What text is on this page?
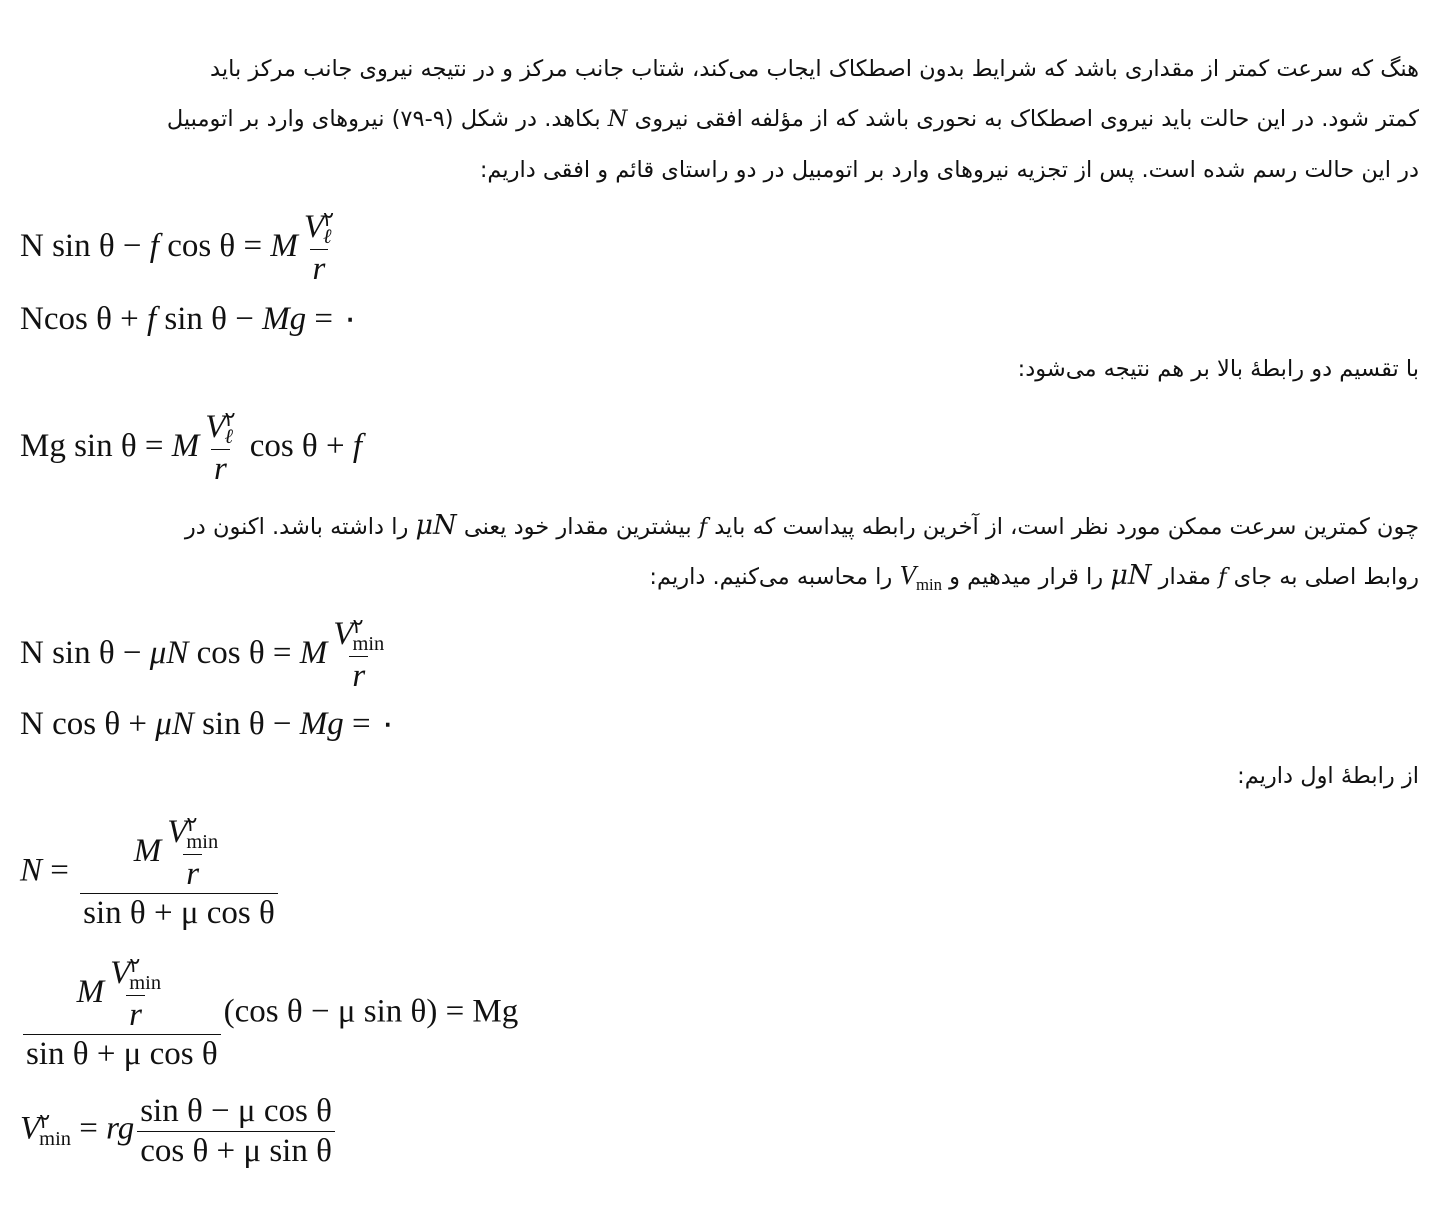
هنگ که سرعت کمتر از مقداری باشد که شرایط بدون اصطکاک ایجاب می‌کند، شتاب جانب مرکز و در نتیجه نیروی جانب مرکز باید
کمتر شود. در این حالت باید نیروی اصطکاک به نحوری باشد که از مؤلفه افقی نیروی N بکاهد. در شکل (۹-۷۹) نیروهای وارد بر اتومبیل
در این حالت رسم شده است. پس از تجزیه نیروهای وارد بر اتومبیل در دو راستای قائم و افقی داریم:
N sin θ − f cos θ = M V ۲
ℓ
r
Ncos θ + f sin θ − Mg = ۰
با تقسیم دو رابطهٔ بالا بر هم نتیجه می‌شود:
Mg sin θ = M V ۲
ℓ
r cos θ + f
چون کمترین سرعت ممکن مورد نظر است، از آخرین رابطه پیداست که باید f بیشترین مقدار خود یعنی μN را داشته باشد. اکنون در
روابط اصلی به جای f مقدار μN را قرار میدهیم و $V_{min}$ را محاسبه می‌کنیم. داریم:
N sin θ − μN cos θ = M V ۲
min
r
N cos θ + μN sin θ − Mg = ۰
از رابطهٔ اول داریم:
N = M V ۲
min
r
sin θ + μ cos θ
M V ۲
min
r
sin θ + μ cos θ (cos θ − μ sin θ) = Mg
V ۲
min = rg $\frac{\text{sin θ − μ cos θ}}{\text{cos θ + μ sin θ}}$
